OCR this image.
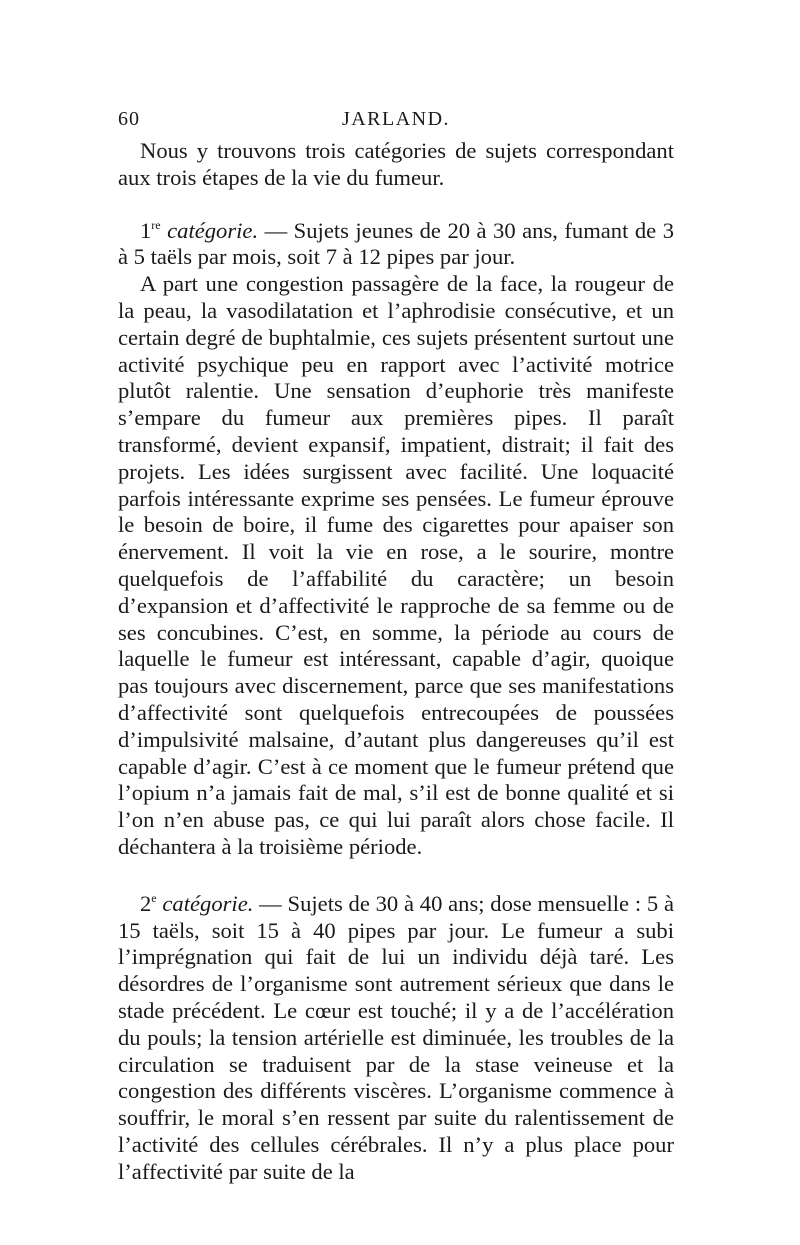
60	JARLAND.

Nous y trouvons trois catégories de sujets correspondant aux trois étapes de la vie du fumeur.

1re catégorie. — Sujets jeunes de 20 à 30 ans, fumant de 3 à 5 taëls par mois, soit 7 à 12 pipes par jour.

A part une congestion passagère de la face, la rougeur de la peau, la vasodilatation et l’aphrodisie consécutive, et un certain degré de buphtalmie, ces sujets présentent surtout une activité psychique peu en rapport avec l’activité motrice plutôt ralentie. Une sensation d’euphorie très manifeste s’empare du fumeur aux premières pipes. Il paraît transformé, devient expansif, impatient, distrait; il fait des projets. Les idées surgissent avec facilité. Une loquacité parfois intéressante exprime ses pensées. Le fumeur éprouve le besoin de boire, il fume des cigarettes pour apaiser son énervement. Il voit la vie en rose, a le sourire, montre quelquefois de l’affabilité du caractère; un besoin d’expansion et d’affectivité le rapproche de sa femme ou de ses concubines. C’est, en somme, la période au cours de laquelle le fumeur est intéressant, capable d’agir, quoique pas toujours avec discernement, parce que ses manifestations d’affectivité sont quelquefois entrecoupées de poussées d’impulsivité malsaine, d’autant plus dangereuses qu’il est capable d’agir. C’est à ce moment que le fumeur prétend que l’opium n’a jamais fait de mal, s’il est de bonne qualité et si l’on n’en abuse pas, ce qui lui paraît alors chose facile. Il déchantera à la troisième période.

2e catégorie. — Sujets de 30 à 40 ans; dose mensuelle : 5 à 15 taëls, soit 15 à 40 pipes par jour. Le fumeur a subi l’imprégnation qui fait de lui un individu déjà taré. Les désordres de l’organisme sont autrement sérieux que dans le stade précédent. Le cœur est touché; il y a de l’accélération du pouls; la tension artérielle est diminuée, les troubles de la circulation se traduisent par de la stase veineuse et la congestion des différents viscères. L’organisme commence à souffrir, le moral s’en ressent par suite du ralentissement de l’activité des cellules cérébrales. Il n’y a plus place pour l’affectivité par suite de la
